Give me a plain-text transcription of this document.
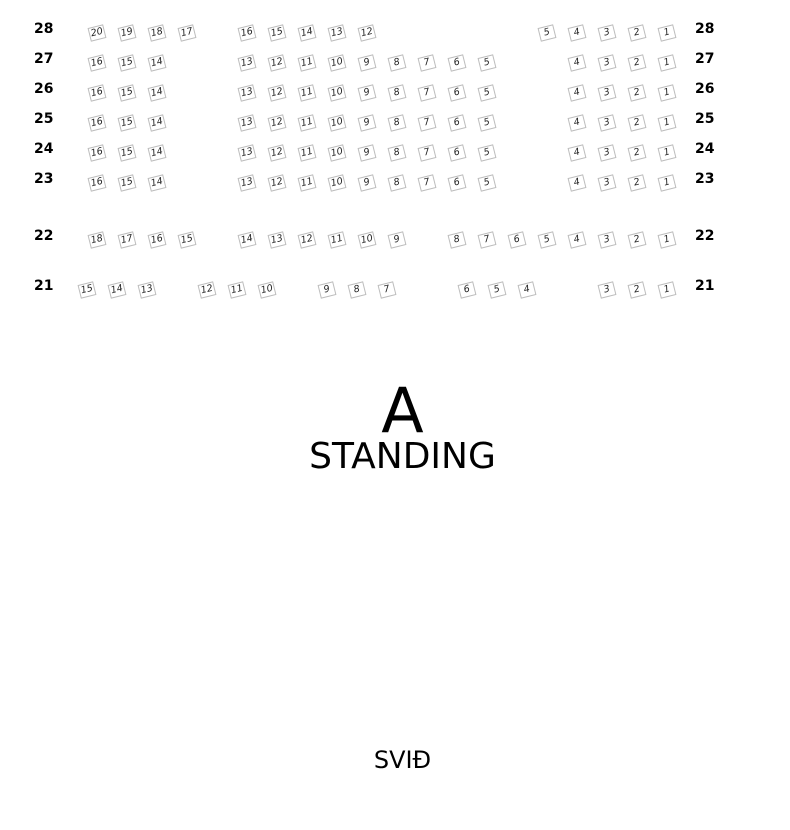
28	28
20 19 18 17	16 15 14 13 12	5	4	3	2	1
27	27
16 15 14	13 12 11 10	9	8	7	6	5	4	3	2	1
26	26
16 15 14	13 12 11 10	9	8	7	6	5	4	3	2	1
25	25
16 15 14	13 12 11 10	9	8	7	6	5	4	3	2	1
24	24
16 15 14	13 12 11 10	9	8	7	6	5	4	3	2	1
23	23
16 15 14	13 12 11 10	9	8	7	6	5	4	3	2	1
22	22
18 17 16 15	14 13 12 11 10	9	8	7	6	5	4	3	2	1
21	21
15 14 13	12 11 10	9	8	7	6	5	4	3	2	1
A
STANDING
SVIÐ
